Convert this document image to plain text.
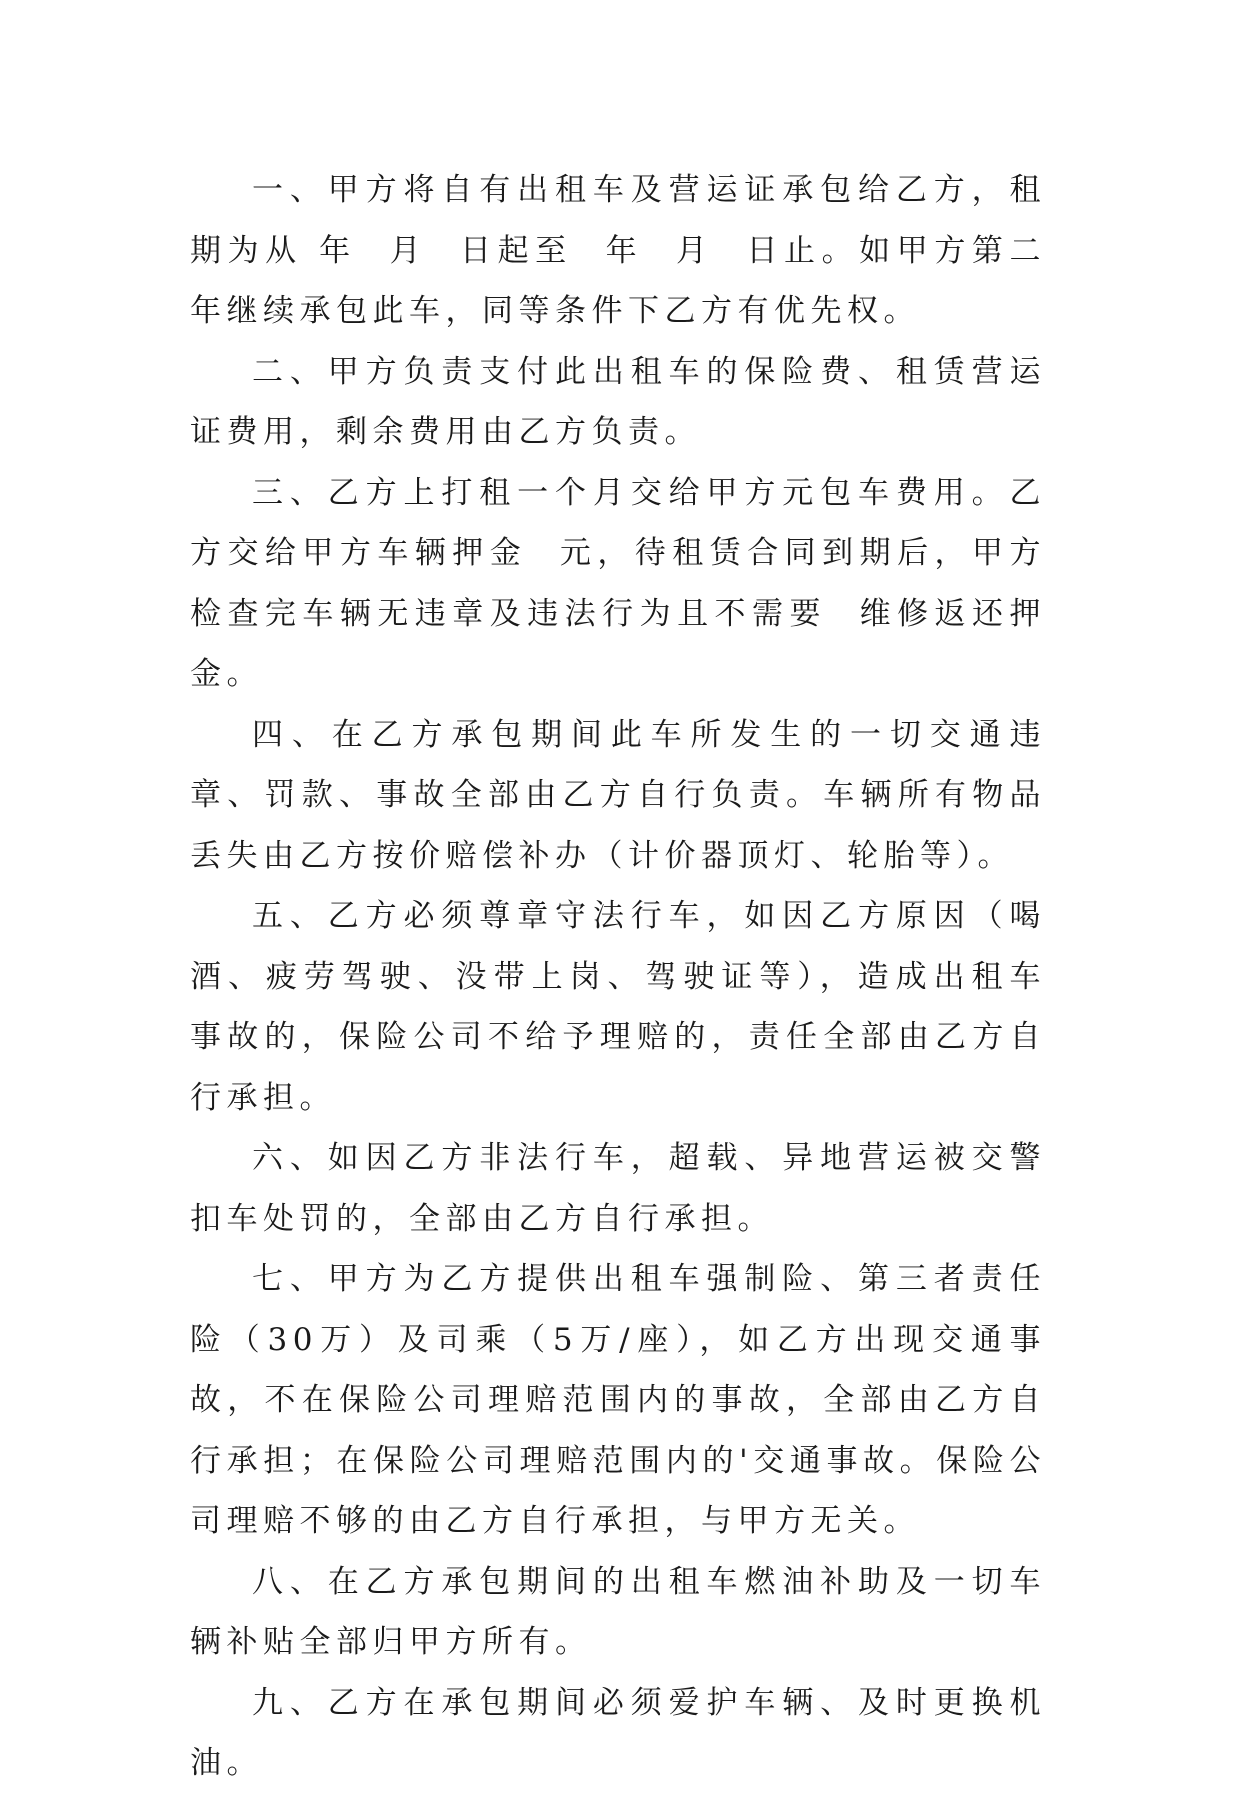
一、甲方将自有出租车及营运证承包给乙方，租期为从 年  月  日起至  年  月  日止。如甲方第二年继续承包此车，同等条件下乙方有优先权。

二、甲方负责支付此出租车的保险费、租赁营运证费用，剩余费用由乙方负责。

三、乙方上打租一个月交给甲方元包车费用。乙方交给甲方车辆押金  元，待租赁合同到期后，甲方检查完车辆无违章及违法行为且不需要  维修返还押金。

四、在乙方承包期间此车所发生的一切交通违章、罚款、事故全部由乙方自行负责。车辆所有物品丢失由乙方按价赔偿补办（计价器顶灯、轮胎等）。

五、乙方必须尊章守法行车，如因乙方原因（喝酒、疲劳驾驶、没带上岗、驾驶证等），造成出租车事故的，保险公司不给予理赔的，责任全部由乙方自行承担。

六、如因乙方非法行车，超载、异地营运被交警扣车处罚的，全部由乙方自行承担。

七、甲方为乙方提供出租车强制险、第三者责任险（30万）及司乘（5万/座），如乙方出现交通事故，不在保险公司理赔范围内的事故，全部由乙方自行承担；在保险公司理赔范围内的'交通事故。保险公司理赔不够的由乙方自行承担，与甲方无关。

八、在乙方承包期间的出租车燃油补助及一切车辆补贴全部归甲方所有。

九、乙方在承包期间必须爱护车辆、及时更换机油。
